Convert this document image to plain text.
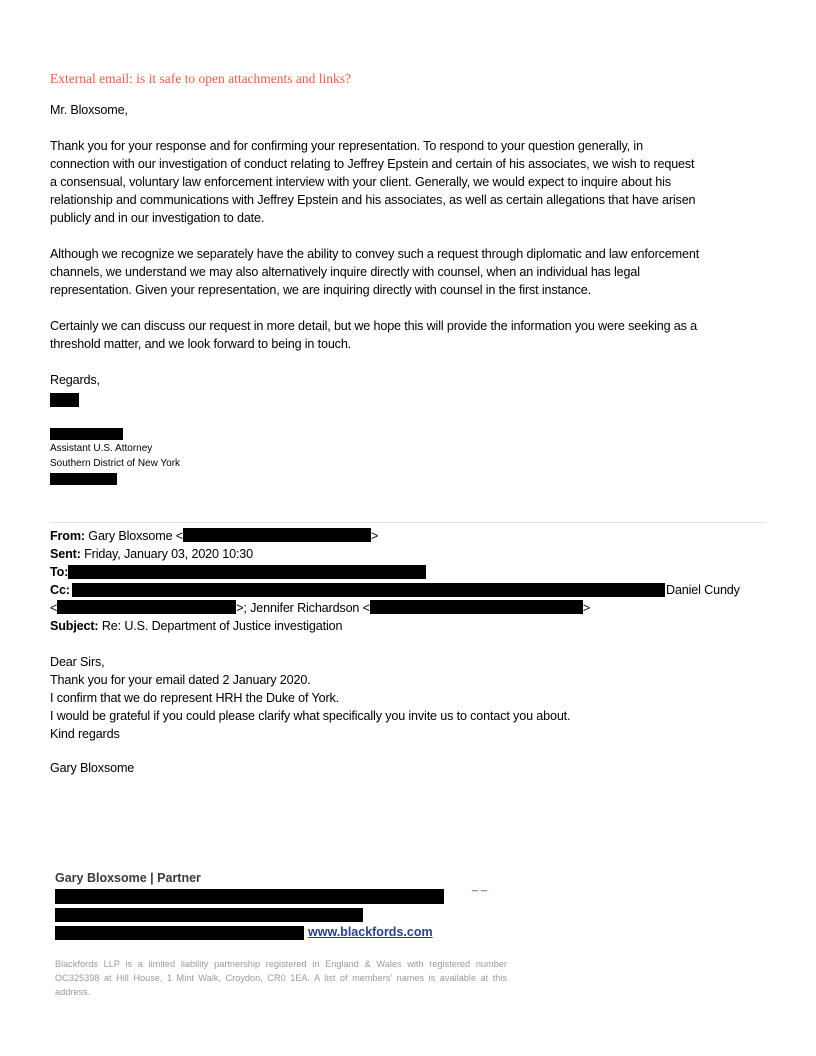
External email: is it safe to open attachments and links?
Mr. Bloxsome,
Thank you for your response and for confirming your representation. To respond to your question generally, in
connection with our investigation of conduct relating to Jeffrey Epstein and certain of his associates, we wish to request
a consensual, voluntary law enforcement interview with your client. Generally, we would expect to inquire about his
relationship and communications with Jeffrey Epstein and his associates, as well as certain allegations that have arisen
publicly and in our investigation to date.
Although we recognize we separately have the ability to convey such a request through diplomatic and law enforcement
channels, we understand we may also alternatively inquire directly with counsel, when an individual has legal
representation. Given your representation, we are inquiring directly with counsel in the first instance.
Certainly we can discuss our request in more detail, but we hope this will provide the information you were seeking as a
threshold matter, and we look forward to being in touch.
Regards,
Assistant U.S. Attorney
Southern District of New York
From: Gary Bloxsome <	>
Sent: Friday, January 03, 2020 10:30
To:
Cc:	Daniel Cundy
<	>; Jennifer Richardson <	>
Subject: Re: U.S. Department of Justice investigation
Dear Sirs,
Thank you for your email dated 2 January 2020.
I confirm that we do represent HRH the Duke of York.
I would be grateful if you could please clarify what specifically you invite us to contact you about.
Kind regards
Gary Bloxsome
Gary Bloxsome | Partner
_ _
www.blackfords.com
Blackfords LLP is a limited liability partnership registered in England & Wales with registered number OC325398 at Hill House, 1 Mint Walk, Croydon, CR0 1EA. A list of members’ names is available at this address.
